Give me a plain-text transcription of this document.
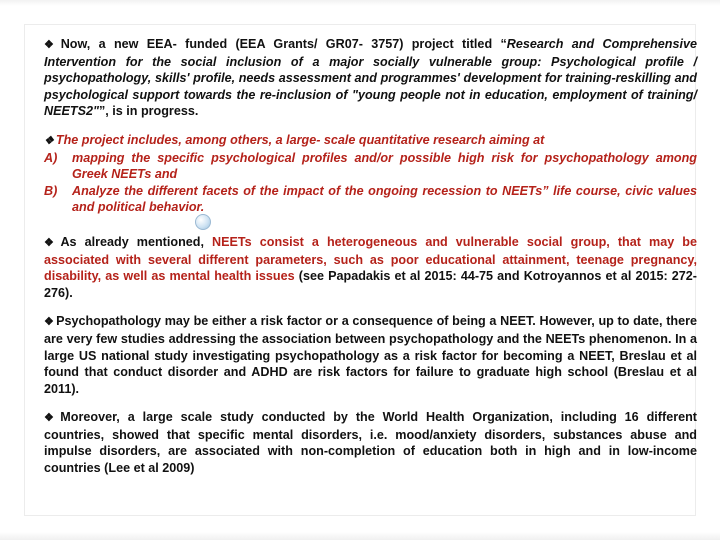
❖ Now, a new EEA- funded (EEA Grants/ GR07- 3757) project titled “Research and Comprehensive Intervention for the social inclusion of a major socially vulnerable group: Psychological profile / psychopathology, skills' profile, needs assessment and programmes' development for training-reskilling and psychological support towards the re-inclusion of "young people not in education, employment of training/ NEETS2"”, is in progress.

❖ The project includes, among others, a large- scale quantitative research aiming at
A)	mapping the specific psychological profiles and/or possible high risk for psychopathology among Greek NEETs and
B)	Analyze the different facets of the impact of the ongoing recession to NEETs” life course, civic values and political behavior.

❖ As already mentioned, NEETs consist a heterogeneous and vulnerable social group, that may be associated with several different parameters, such as poor educational attainment, teenage pregnancy, disability, as well as mental health issues (see Papadakis et al 2015: 44-75 and Kotroyannos et al 2015: 272- 276).

❖ Psychopathology may be either a risk factor or a consequence of being a NEET. However, up to date, there are very few studies addressing the association between psychopathology and the NEETs phenomenon. In a large US national study investigating psychopathology as a risk factor for becoming a NEET, Breslau et al found that conduct disorder and ADHD are risk factors for failure to graduate high school (Breslau et al 2011).

❖ Moreover, a large scale study conducted by the World Health Organization, including 16 different countries, showed that specific mental disorders, i.e. mood/anxiety disorders, substances abuse and impulse disorders, are associated with non-completion of education both in high and in low-income countries (Lee et al 2009)
